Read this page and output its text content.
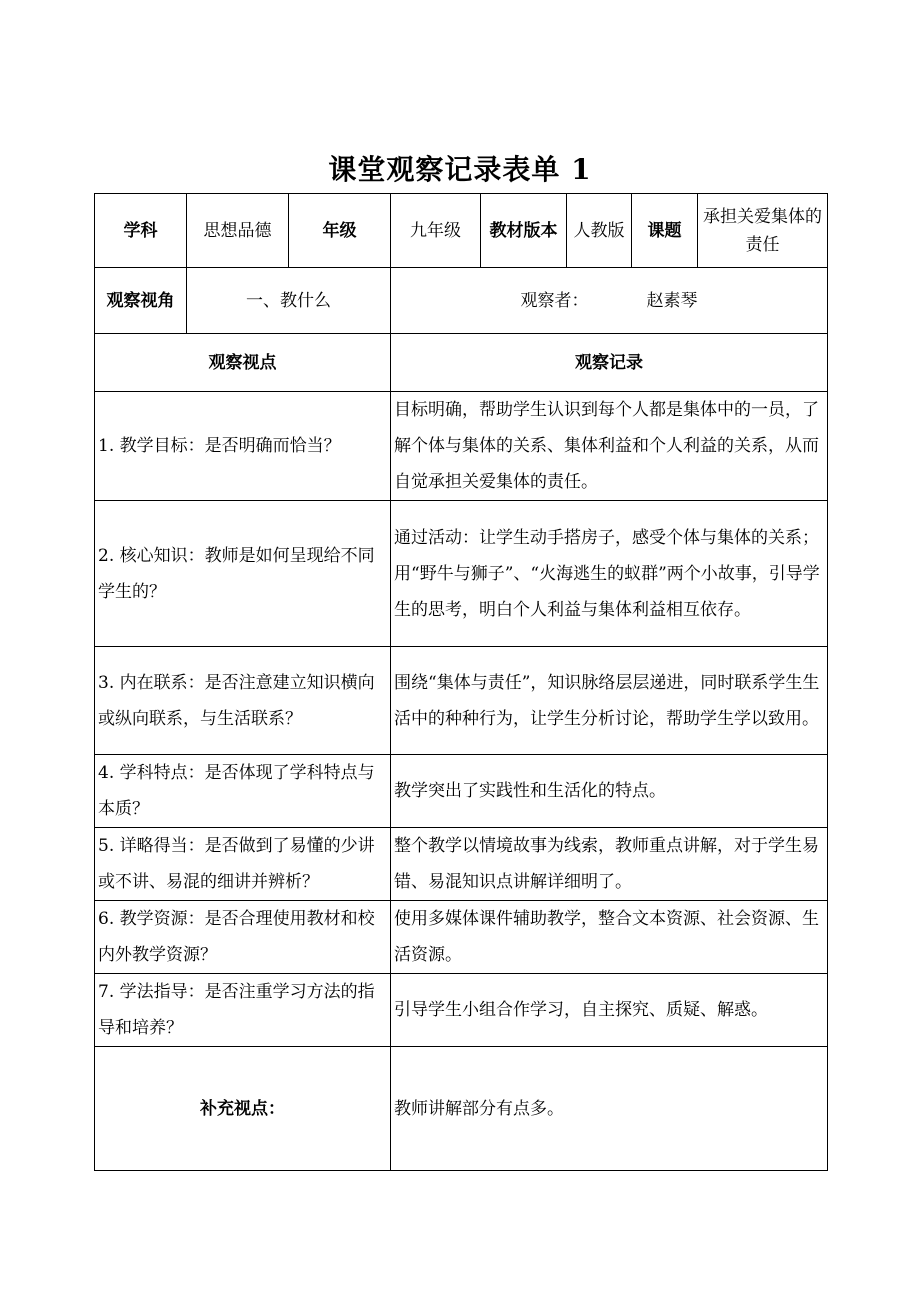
课堂观察记录表单 1
学科	思想品德	年级	九年级	教材版本	人教版	课题	承担关爱集体的责任
观察视角	一、教什么		观察者： 赵素琴				
观察视点			观察记录				
1. 教学目标：是否明确而恰当？			目标明确，帮助学生认识到每个人都是集体中的一员，了解个体与集体的关系、集体利益和个人利益的关系，从而自觉承担关爱集体的责任。				
2. 核心知识：教师是如何呈现给不同学生的？			通过活动：让学生动手搭房子，感受个体与集体的关系；用“野牛与狮子”、“火海逃生的蚁群”两个小故事，引导学生的思考，明白个人利益与集体利益相互依存。				
3. 内在联系：是否注意建立知识横向或纵向联系，与生活联系？			围绕“集体与责任”，知识脉络层层递进，同时联系学生生活中的种种行为，让学生分析讨论，帮助学生学以致用。				
4. 学科特点：是否体现了学科特点与本质？			教学突出了实践性和生活化的特点。				
5. 详略得当：是否做到了易懂的少讲或不讲、易混的细讲并辨析？			整个教学以情境故事为线索，教师重点讲解，对于学生易错、易混知识点讲解详细明了。				
6. 教学资源：是否合理使用教材和校内外教学资源？			使用多媒体课件辅助教学，整合文本资源、社会资源、生活资源。				
7. 学法指导：是否注重学习方法的指导和培养？			引导学生小组合作学习，自主探究、质疑、解惑。				
补充视点：			教师讲解部分有点多。				
